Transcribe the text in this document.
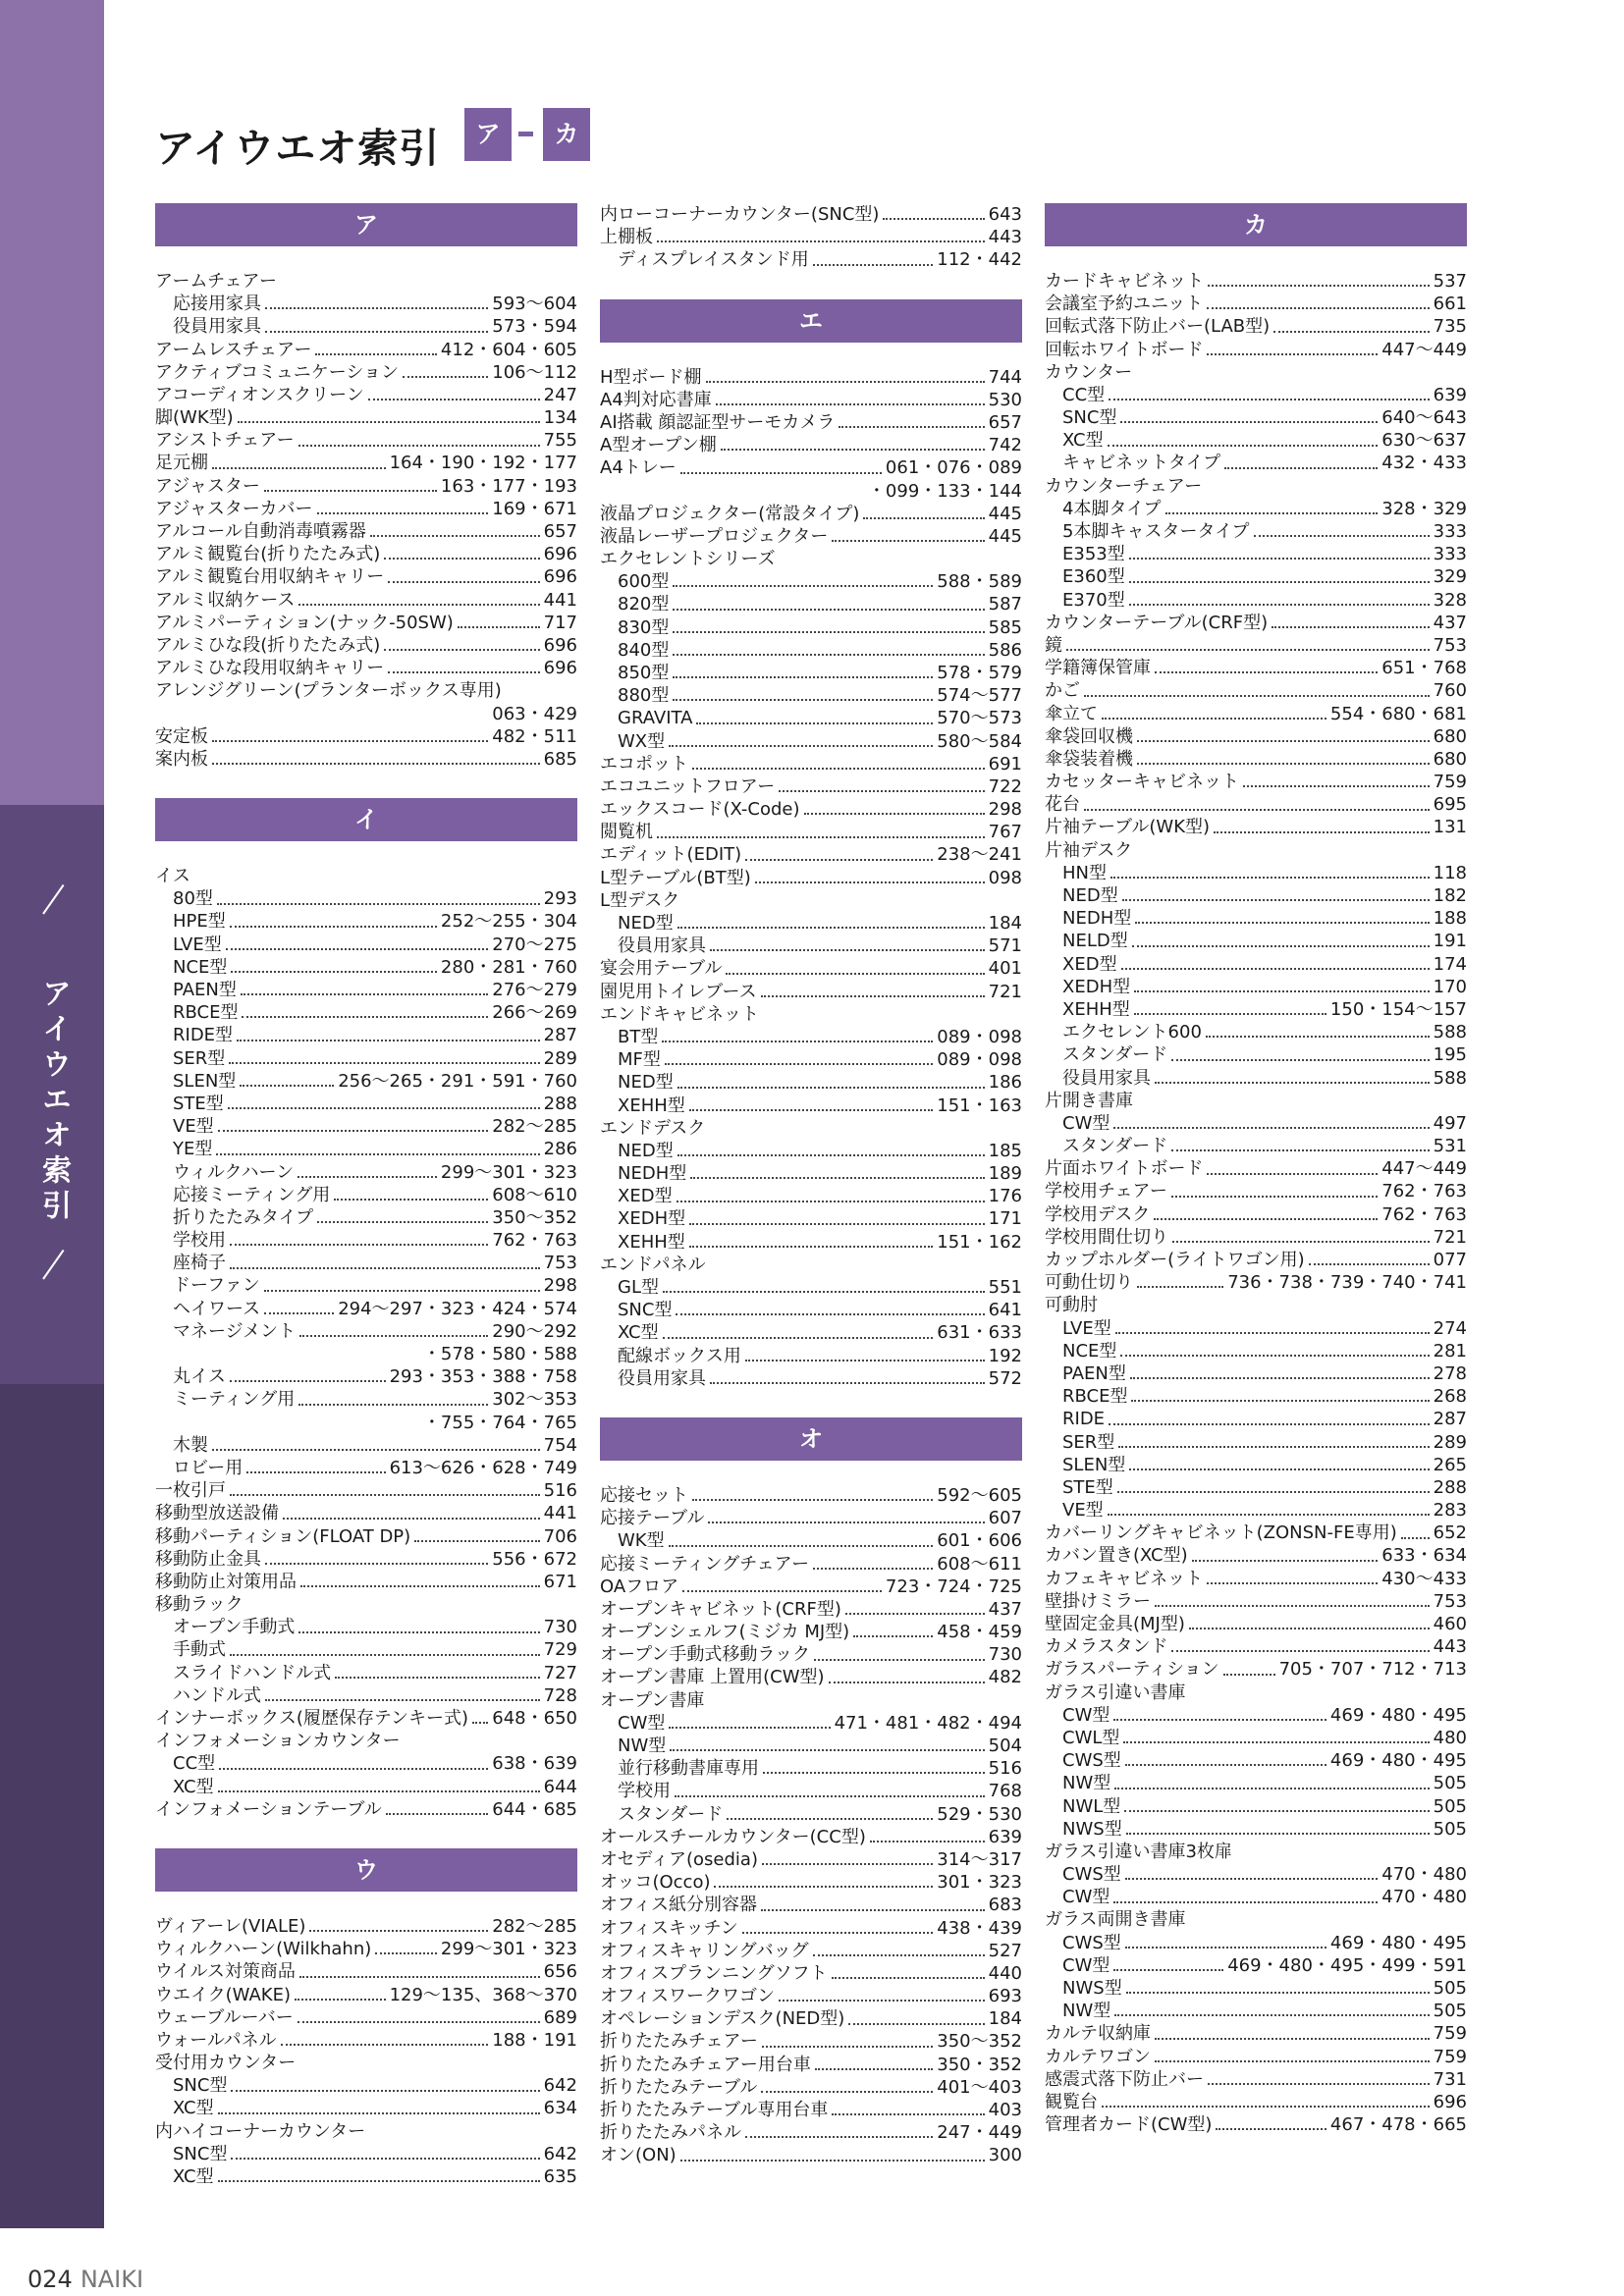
アイウエオ索引
アイウエオ索引	ア	カ
ア
アームチェアー
応接用家具	593〜604
役員用家具	573・594
アームレスチェアー	412・604・605
アクティブコミュニケーション	106〜112
アコーディオンスクリーン	247
脚(WK型)	134
アシストチェアー	755
足元棚	164・190・192・177
アジャスター	163・177・193
アジャスターカバー	169・671
アルコール自動消毒噴霧器	657
アルミ観覧台(折りたたみ式)	696
アルミ観覧台用収納キャリー	696
アルミ収納ケース	441
アルミパーティション(ナック-50SW)	717
アルミひな段(折りたたみ式)	696
アルミひな段用収納キャリー	696
アレンジグリーン(プランターボックス専用)
063・429
安定板	482・511
案内板	685
イ
イス
80型	293
HPE型	252〜255・304
LVE型	270〜275
NCE型	280・281・760
PAEN型	276〜279
RBCE型	266〜269
RIDE型	287
SER型	289
SLEN型	256〜265・291・591・760
STE型	288
VE型	282〜285
YE型	286
ウィルクハーン	299〜301・323
応接ミーティング用	608〜610
折りたたみタイプ	350〜352
学校用	762・763
座椅子	753
ドーファン	298
ヘイワース	294〜297・323・424・574
マネージメント	290〜292
・578・580・588
丸イス	293・353・388・758
ミーティング用	302〜353
・755・764・765
木製	754
ロビー用	613〜626・628・749
一枚引戸	516
移動型放送設備	441
移動パーティション(FLOAT DP)	706
移動防止金具	556・672
移動防止対策用品	671
移動ラック
オープン手動式	730
手動式	729
スライドハンドル式	727
ハンドル式	728
インナーボックス(履歴保存テンキー式) 648・650
インフォメーションカウンター
CC型	638・639
XC型	644
インフォメーションテーブル	644・685
ウ
ヴィアーレ(VIALE)	282〜285
ウィルクハーン(Wilkhahn)	299〜301・323
ウイルス対策商品	656
ウエイク(WAKE)	129〜135、368〜370
ウェーブルーバー	689
ウォールパネル	188・191
受付用カウンター
SNC型	642
XC型	634
内ハイコーナーカウンター
SNC型	642
XC型	635
内ローコーナーカウンター(SNC型)	643
上棚板	443
ディスプレイスタンド用	112・442
エ
H型ボード棚	744
A4判対応書庫	530
AI搭載 顔認証型サーモカメラ	657
A型オープン棚	742
A4トレー	061・076・089
・099・133・144
液晶プロジェクター(常設タイプ)	445
液晶レーザープロジェクター	445
エクセレントシリーズ
600型	588・589
820型	587
830型	585
840型	586
850型	578・579
880型	574〜577
GRAVITA	570〜573
WX型	580〜584
エコポット	691
エコユニットフロアー	722
エックスコード(X-Code)	298
閲覧机	767
エディット(EDIT)	238〜241
L型テーブル(BT型)	098
L型デスク
NED型	184
役員用家具	571
宴会用テーブル	401
園児用トイレブース	721
エンドキャビネット
BT型	089・098
MF型	089・098
NED型	186
XEHH型	151・163
エンドデスク
NED型	185
NEDH型	189
XED型	176
XEDH型	171
XEHH型	151・162
エンドパネル
GL型	551
SNC型	641
XC型	631・633
配線ボックス用	192
役員用家具	572
オ
応接セット	592〜605
応接テーブル	607
WK型	601・606
応接ミーティングチェアー	608〜611
OAフロア	723・724・725
オープンキャビネット(CRF型)	437
オープンシェルフ(ミジカ MJ型)	458・459
オープン手動式移動ラック	730
オープン書庫 上置用(CW型)	482
オープン書庫
CW型	471・481・482・494
NW型	504
並行移動書庫専用	516
学校用	768
スタンダード	529・530
オールスチールカウンター(CC型)	639
オセディア(osedia)	314〜317
オッコ(Occo)	301・323
オフィス紙分別容器	683
オフィスキッチン	438・439
オフィスキャリングバッグ	527
オフィスプランニングソフト	440
オフィスワークワゴン	693
オペレーションデスク(NED型)	184
折りたたみチェアー	350〜352
折りたたみチェアー用台車	350・352
折りたたみテーブル	401〜403
折りたたみテーブル専用台車	403
折りたたみパネル	247・449
オン(ON)	300
カ
カードキャビネット	537
会議室予約ユニット	661
回転式落下防止バー(LAB型)	735
回転ホワイトボード	447〜449
カウンター
CC型	639
SNC型	640〜643
XC型	630〜637
キャビネットタイプ	432・433
カウンターチェアー
4本脚タイプ	328・329
5本脚キャスタータイプ	333
E353型	333
E360型	329
E370型	328
カウンターテーブル(CRF型)	437
鏡	753
学籍簿保管庫	651・768
かご	760
傘立て	554・680・681
傘袋回収機	680
傘袋装着機	680
カセッターキャビネット	759
花台	695
片袖テーブル(WK型)	131
片袖デスク
HN型	118
NED型	182
NEDH型	188
NELD型	191
XED型	174
XEDH型	170
XEHH型	150・154〜157
エクセレント600	588
スタンダード	195
役員用家具	588
片開き書庫
CW型	497
スタンダード	531
片面ホワイトボード	447〜449
学校用チェアー	762・763
学校用デスク	762・763
学校用間仕切り	721
カップホルダー(ライトワゴン用)	077
可動仕切り	736・738・739・740・741
可動肘
LVE型	274
NCE型	281
PAEN型	278
RBCE型	268
RIDE	287
SER型	289
SLEN型	265
STE型	288
VE型	283
カバーリングキャビネット(ZONSN-FE専用) 652
カバン置き(XC型)	633・634
カフェキャビネット	430〜433
壁掛けミラー	753
壁固定金具(MJ型)	460
カメラスタンド	443
ガラスパーティション	705・707・712・713
ガラス引違い書庫
CW型	469・480・495
CWL型	480
CWS型	469・480・495
NW型	505
NWL型	505
NWS型	505
ガラス引違い書庫3枚扉
CWS型	470・480
CW型	470・480
ガラス両開き書庫
CWS型	469・480・495
CW型	469・480・495・499・591
NWS型	505
NW型	505
カルテ収納庫	759
カルテワゴン	759
感震式落下防止バー	731
観覧台	696
管理者カード(CW型)	467・478・665
024 NAIKI
